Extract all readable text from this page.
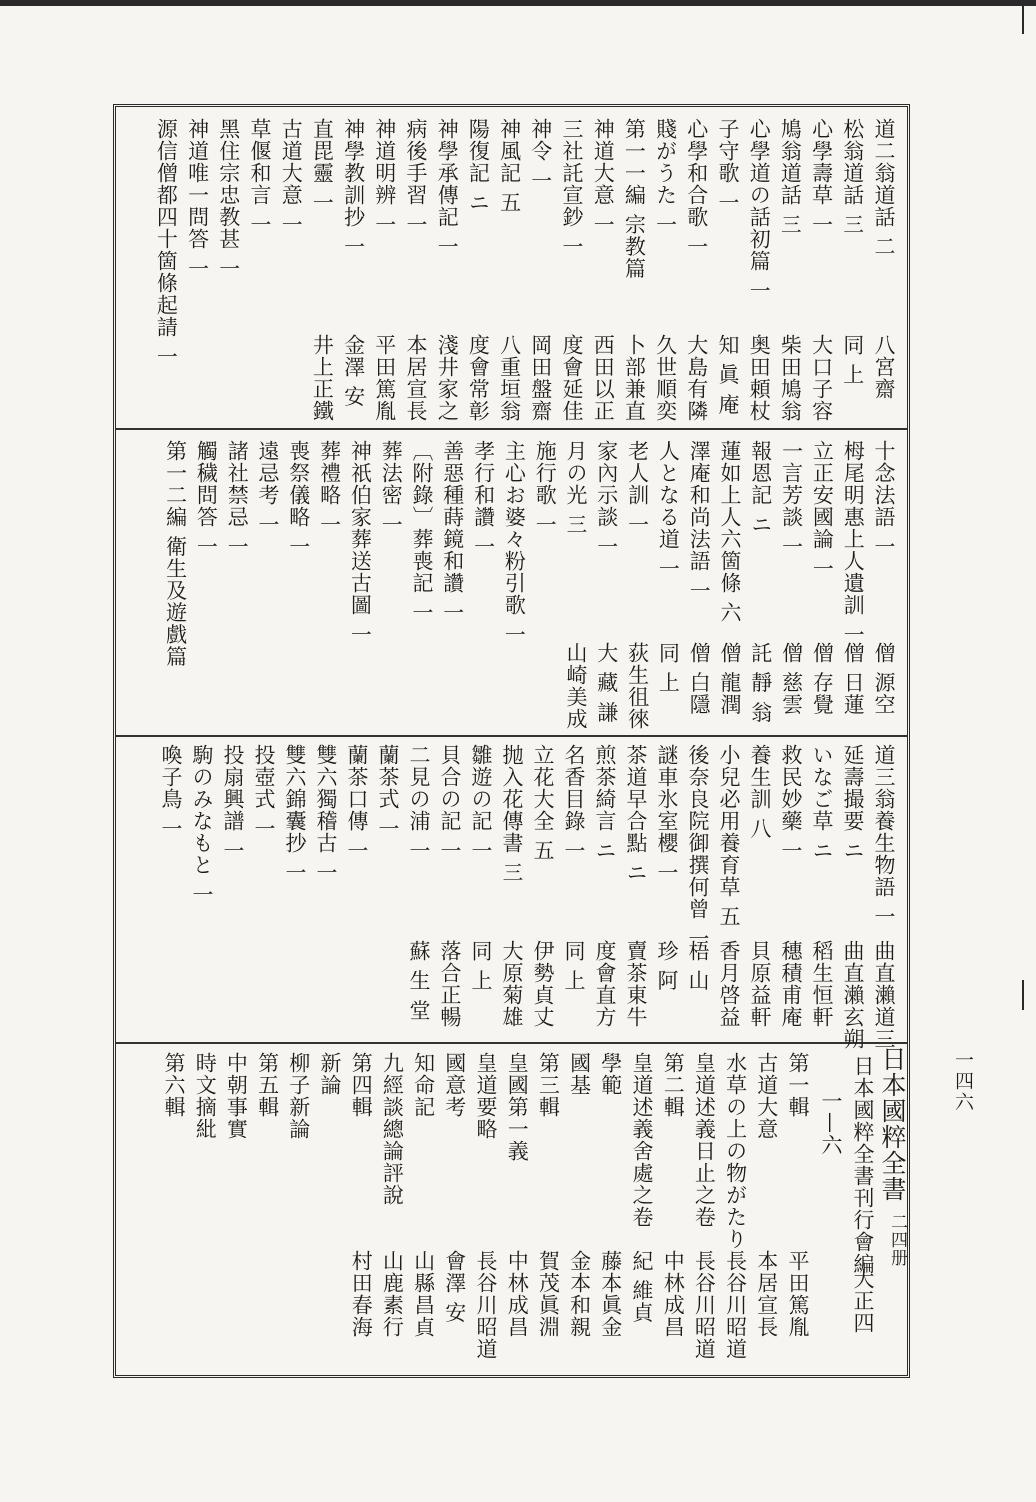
一四六
道二翁道話 二
松翁道話 ㆔
心學壽草 一
鳩翁道話 ㆔
心學道の話初篇 一
子守歌 一
心學和合歌 一
賤がうた 一
第一一編 宗教篇
神道大意 一
三社託宣鈔 一
神令 一
神風記 五
陽復記 ニ
神學承傳記 一
病後手習 一
神道明辨 一
神學教訓抄 一
直毘靈 一
古道大意 一
草偃和言 一
黑住宗忠教甚 一
神道唯一問答 一
源信僧都四十箇條起請 一	八宮齋
同 上
大口子容
柴田鳩翁
奥田頼杖
知 眞 庵
大島有隣
久世順奕
卜部兼直
西田以正
度會延佳
岡田盤齋
八重垣翁
度會常彰
淺井家之
本居宣長
平田篤胤
金澤 安
井上正鐵
十念法語 一
栂尾明惠上人遺訓 一
立正安國論 一
一言芳談 一
報恩記 ニ
蓮如上人六箇條 六
澤庵和尚法語 一
人となる道 一
老人訓 一
家內示談 一
月の光 ㆔
施行歌 一
主心お婆々粉引歌 一
孝行和讚 一
善惡種蒔鏡和讚 一
〔附錄〕葬喪記 一
葬法密 一
神祇伯家葬送古圖 一
葬禮略 一
喪祭儀略 一
遠忌考 一
諸社禁忌 一
觸穢問答 一
第一二編 衛生及遊戲篇
僧 源空
僧 日蓮
僧 存覺
僧 慈雲
託 靜 翁
僧 龍潤
僧 白隱
同 上
荻生徂徠
大 藏 謙
山崎美成
道三翁養生物語 一
延壽撮要 ニ
いなご草 ニ
救民妙藥 一
養生訓 八
小兒必用養育草 五
後奈良院御撰何曾 一
謎車氷室櫻 一
茶道早合點 ニ
煎茶綺言 ニ
名香目錄 一
立花大全 五
抛入花傳書 ㆔
雛遊の記 一
貝合の記 一
二見の浦 一
蘭茶式 一
蘭茶口傳 一
雙六獨稽古 一
雙六錦囊抄 一
投壺式 一
投扇興譜 一
駒のみなもと 一
喚子鳥 一
曲直瀨道三
曲直瀨玄朔
稻生恒軒
穗積甫庵
貝原益軒
香月啓益
梧 山
珍 阿
賣茶東牛
度會直方
同 上
伊勢貞丈
大原菊雄
同 上
落合正暢
蘇 生 堂
日本國粹全書
二四册
日本國粹全書刊行會編
大正四
一—六
第一輯
古道大意
水草の上の物がたり
皇道述義日止之卷
第二輯
皇道述義舍處之卷
學範
國基
第三輯
皇國第一義
皇道要略
國意考
知命記
九經談總論評說
第四輯
新論
柳子新論
第五輯
中朝事實
時文摘紕
第六輯
平田篤胤
本居宣長
長谷川昭道
長谷川昭道
中林成昌
紀 維貞
藤本眞金
金本和親
賀茂眞淵
中林成昌
長谷川昭道
會澤 安
山縣昌貞
山鹿素行
村田春海
